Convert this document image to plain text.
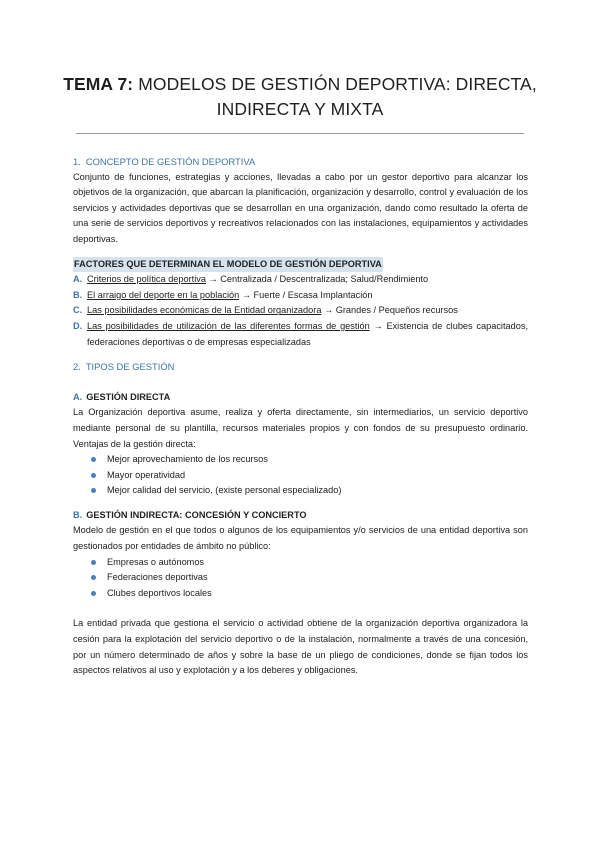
TEMA 7: MODELOS DE GESTIÓN DEPORTIVA: DIRECTA,
INDIRECTA Y MIXTA

1. CONCEPTO DE GESTIÓN DEPORTIVA

Conjunto de funciones, estrategias y acciones, llevadas a cabo por un gestor deportivo para alcanzar los objetivos de la organización, que abarcan la planificación, organización y desarrollo, control y evaluación de los servicios y actividades deportivas que se desarrollan en una organización, dando como resultado la oferta de una serie de servicios deportivos y recreativos relacionados con las instalaciones, equipamientos y actividades deportivas.

FACTORES QUE DETERMINAN EL MODELO DE GESTIÓN DEPORTIVA
A. Criterios de política deportiva → Centralizada / Descentralizada; Salud/Rendimiento
B. El arraigo del deporte en la población → Fuerte / Escasa Implantación
C. Las posibilidades económicas de la Entidad organizadora → Grandes / Pequeños recursos
D. Las posibilidades de utilización de las diferentes formas de gestión → Existencia de clubes capacitados, federaciones deportivas o de empresas especializadas

2. TIPOS DE GESTIÓN

A. GESTIÓN DIRECTA

La Organización deportiva asume, realiza y oferta directamente, sin intermediarios, un servicio deportivo mediante personal de su plantilla, recursos materiales propios y con fondos de su presupuesto ordinario. Ventajas de la gestión directa:

Mejor aprovechamiento de los recursos
Mayor operatividad
Mejor calidad del servicio, (existe personal especializado)

B. GESTIÓN INDIRECTA: CONCESIÓN Y CONCIERTO

Modelo de gestión en el que todos o algunos de los equipamientos y/o servicios de una entidad deportiva son gestionados por entidades de ámbito no público:

Empresas o autónomos
Federaciones deportivas
Clubes deportivos locales

La entidad privada que gestiona el servicio o actividad obtiene de la organización deportiva organizadora la cesión para la explotación del servicio deportivo o de la instalación, normalmente a través de una concesión, por un número determinado de años y sobre la base de un pliego de condiciones, donde se fijan todos los aspectos relativos al uso y explotación y a los deberes y obligaciones.
